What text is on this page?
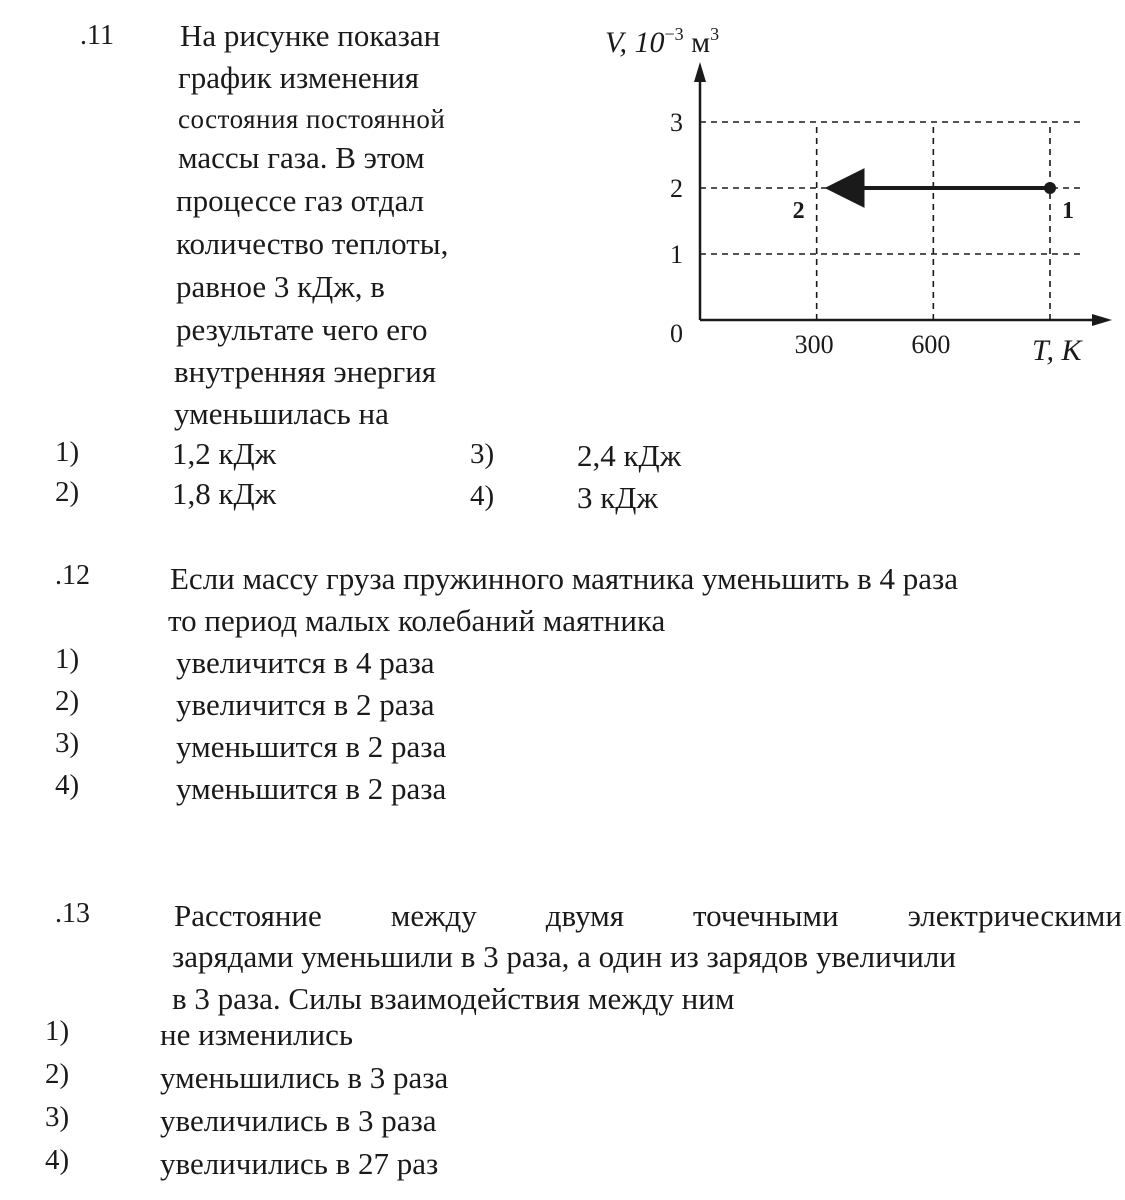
.11 На рисунке показан
график изменения
состояния постоянной
массы газа. В этом
процессе газ отдал
количество теплоты,
равное 3 кДж, в
результате чего его
внутренняя энергия
уменьшилась на
1
2
3
300	600
1
2
V, $10^{-3}$ $м^3$
T, К
0
1)	1,2 кДж
2)	1,8 кДж
3)	2,4 кДж
4)	3 кДж
.12	Если массу груза пружинного маятника уменьшить в 4 раза
то период малых колебаний маятника
1)	увеличится в 4 раза
2)	увеличится в 2 раза
3)	уменьшится в 2 раза
4)	уменьшится в 2 раза
.13	Расстояние между двумя точечными электрическими
зарядами уменьшили в 3 раза, а один из зарядов увеличили
в 3 раза. Силы взаимодействия между ним
1)	не изменились
2)	уменьшились в 3 раза
3)	увеличились в 3 раза
4)	увеличились в 27 раз
